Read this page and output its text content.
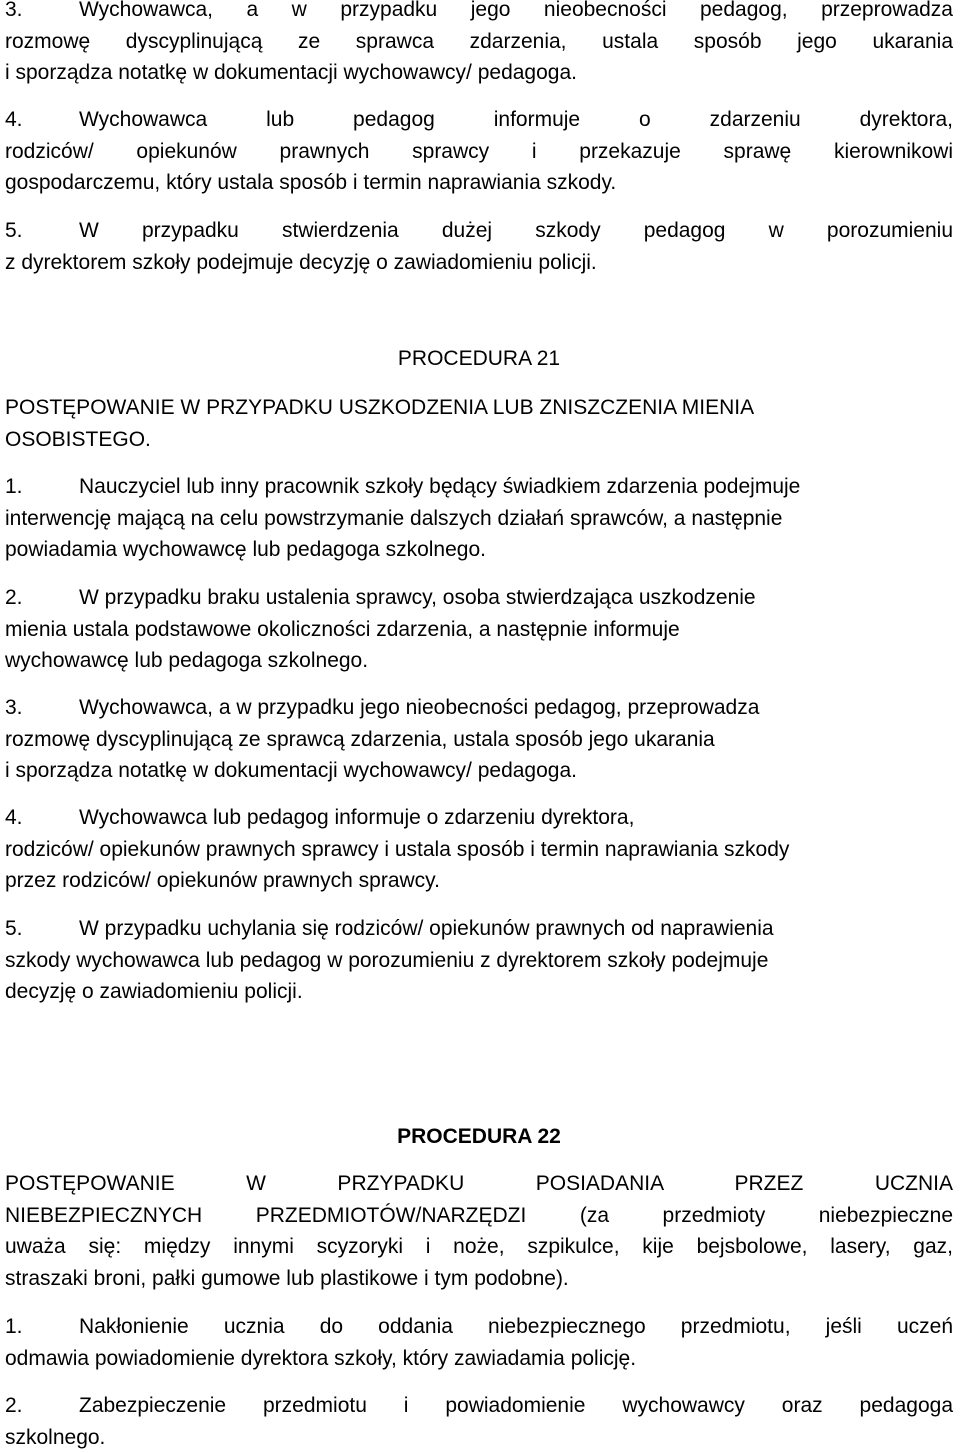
3.	Wychowawca, a w przypadku jego nieobecności pedagog, przeprowadza
rozmowę dyscyplinującą ze sprawca zdarzenia, ustala sposób jego ukarania
i sporządza notatkę w dokumentacji wychowawcy/ pedagoga.
4.	Wychowawca lub pedagog informuje o zdarzeniu dyrektora,
rodziców/ opiekunów prawnych sprawcy i przekazuje sprawę kierownikowi
gospodarczemu, który ustala sposób i termin naprawiania szkody.
5.	W przypadku stwierdzenia dużej szkody pedagog w porozumieniu
z dyrektorem szkoły podejmuje decyzję o zawiadomieniu policji.
PROCEDURA 21
POSTĘPOWANIE W PRZYPADKU USZKODZENIA LUB ZNISZCZENIA MIENIA
OSOBISTEGO.
1.	Nauczyciel lub inny pracownik szkoły będący świadkiem zdarzenia podejmuje
interwencję mającą na celu powstrzymanie dalszych działań sprawców, a następnie
powiadamia wychowawcę lub pedagoga szkolnego.
2.	W przypadku braku ustalenia sprawcy, osoba stwierdzająca uszkodzenie
mienia ustala podstawowe okoliczności zdarzenia, a następnie informuje
wychowawcę lub pedagoga szkolnego.
3.	Wychowawca, a w przypadku jego nieobecności pedagog, przeprowadza
rozmowę dyscyplinującą ze sprawcą zdarzenia, ustala sposób jego ukarania
i sporządza notatkę w dokumentacji wychowawcy/ pedagoga.
4.	Wychowawca lub pedagog informuje o zdarzeniu dyrektora,
rodziców/ opiekunów prawnych sprawcy i ustala sposób i termin naprawiania szkody
przez rodziców/ opiekunów prawnych sprawcy.
5.	W przypadku uchylania się rodziców/ opiekunów prawnych od naprawienia
szkody wychowawca lub pedagog w porozumieniu z dyrektorem szkoły podejmuje
decyzję o zawiadomieniu policji.
PROCEDURA 22
POSTĘPOWANIE W PRZYPADKU POSIADANIA PRZEZ UCZNIA
NIEBEZPIECZNYCH PRZEDMIOTÓW/NARZĘDZI (za przedmioty niebezpieczne
uważa się: między innymi scyzoryki i noże, szpikulce, kije bejsbolowe, lasery, gaz,
straszaki broni, pałki gumowe lub plastikowe i tym podobne).
1.	Nakłonienie ucznia do oddania niebezpiecznego przedmiotu, jeśli uczeń
odmawia powiadomienie dyrektora szkoły, który zawiadamia policję.
2.	Zabezpieczenie przedmiotu i powiadomienie wychowawcy oraz pedagoga
szkolnego.
